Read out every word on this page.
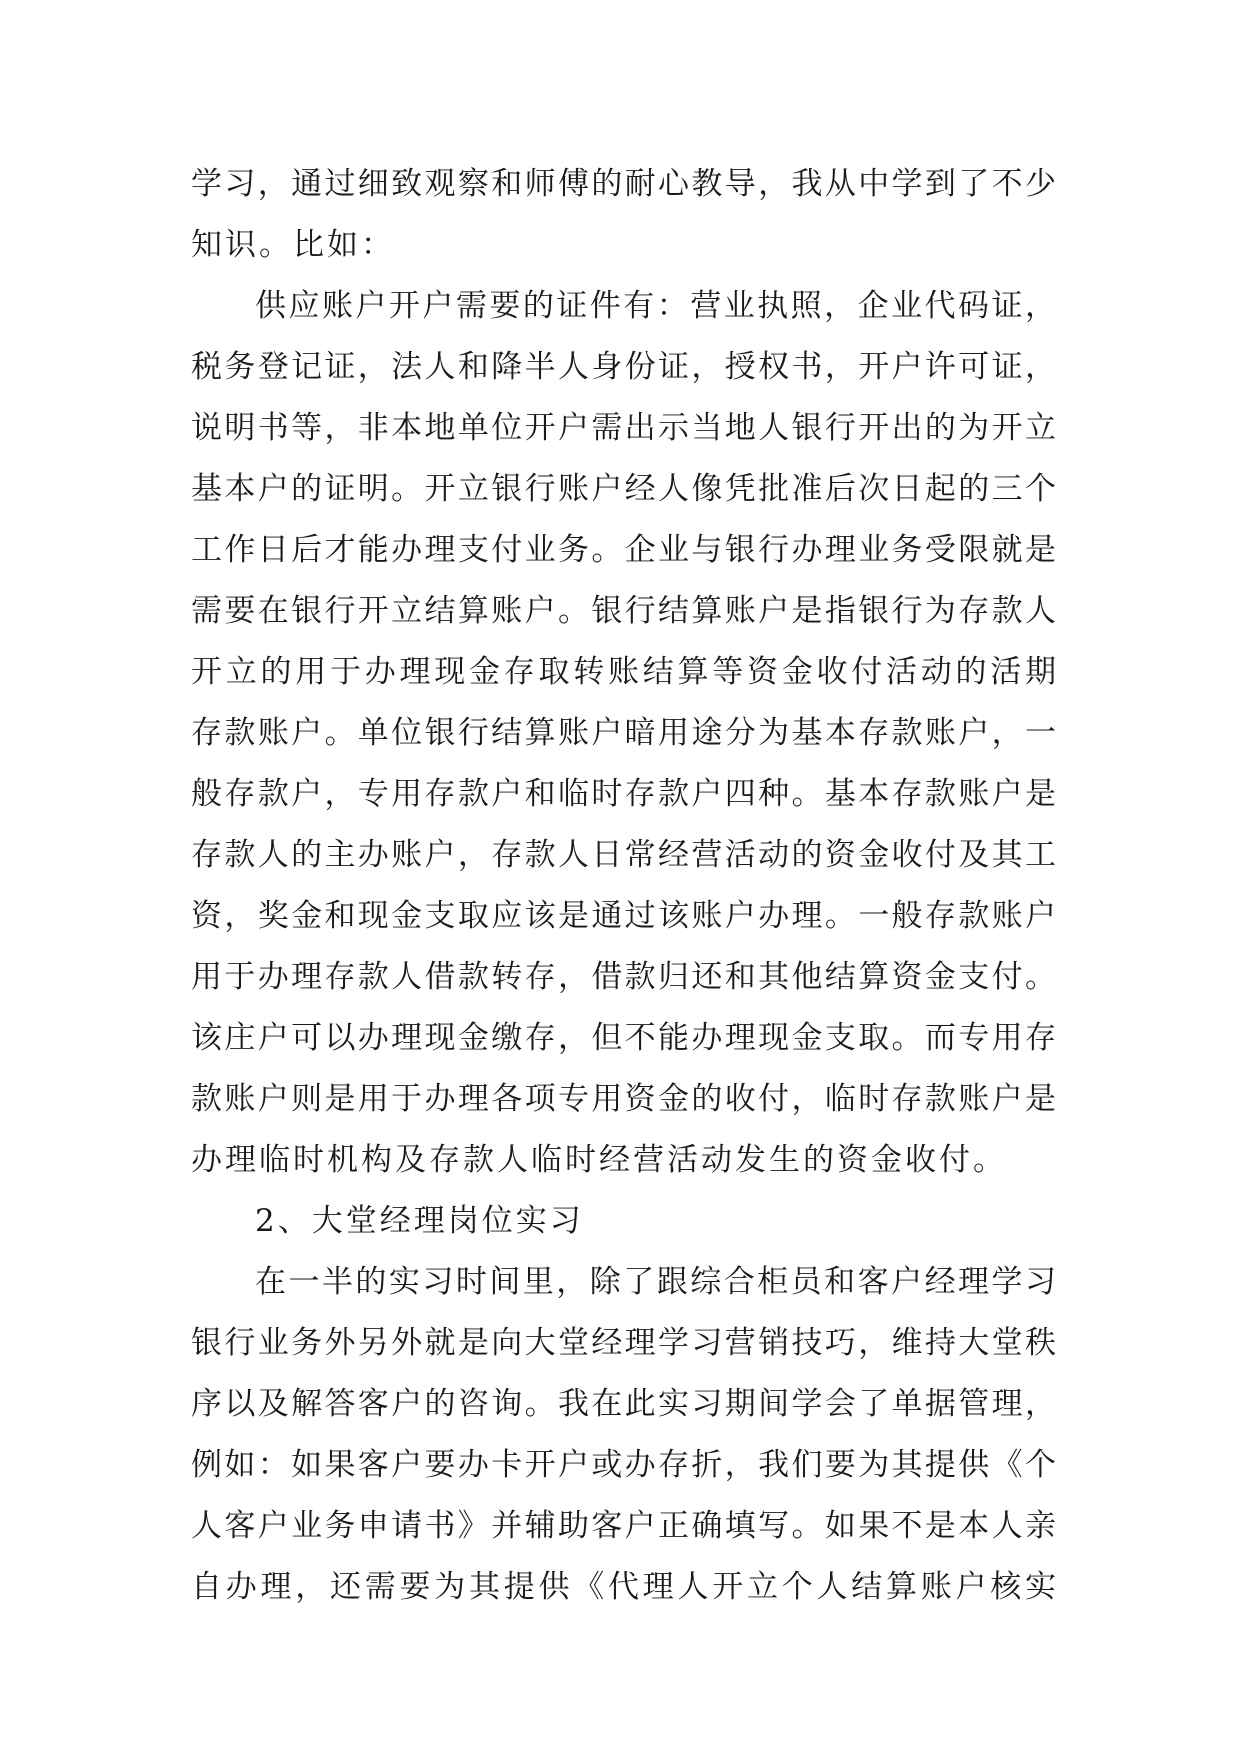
学习，通过细致观察和师傅的耐心教导，我从中学到了不少
知识。比如：
供应账户开户需要的证件有：营业执照，企业代码证，
税务登记证，法人和降半人身份证，授权书，开户许可证，
说明书等，非本地单位开户需出示当地人银行开出的为开立
基本户的证明。开立银行账户经人像凭批准后次日起的三个
工作日后才能办理支付业务。企业与银行办理业务受限就是
需要在银行开立结算账户。银行结算账户是指银行为存款人
开立的用于办理现金存取转账结算等资金收付活动的活期
存款账户。单位银行结算账户暗用途分为基本存款账户，一
般存款户，专用存款户和临时存款户四种。基本存款账户是
存款人的主办账户，存款人日常经营活动的资金收付及其工
资，奖金和现金支取应该是通过该账户办理。一般存款账户
用于办理存款人借款转存，借款归还和其他结算资金支付。
该庄户可以办理现金缴存，但不能办理现金支取。而专用存
款账户则是用于办理各项专用资金的收付，临时存款账户是
办理临时机构及存款人临时经营活动发生的资金收付。
2、大堂经理岗位实习
在一半的实习时间里，除了跟综合柜员和客户经理学习
银行业务外另外就是向大堂经理学习营销技巧，维持大堂秩
序以及解答客户的咨询。我在此实习期间学会了单据管理，
例如：如果客户要办卡开户或办存折，我们要为其提供《个
人客户业务申请书》并辅助客户正确填写。如果不是本人亲
自办理，还需要为其提供《代理人开立个人结算账户核实
